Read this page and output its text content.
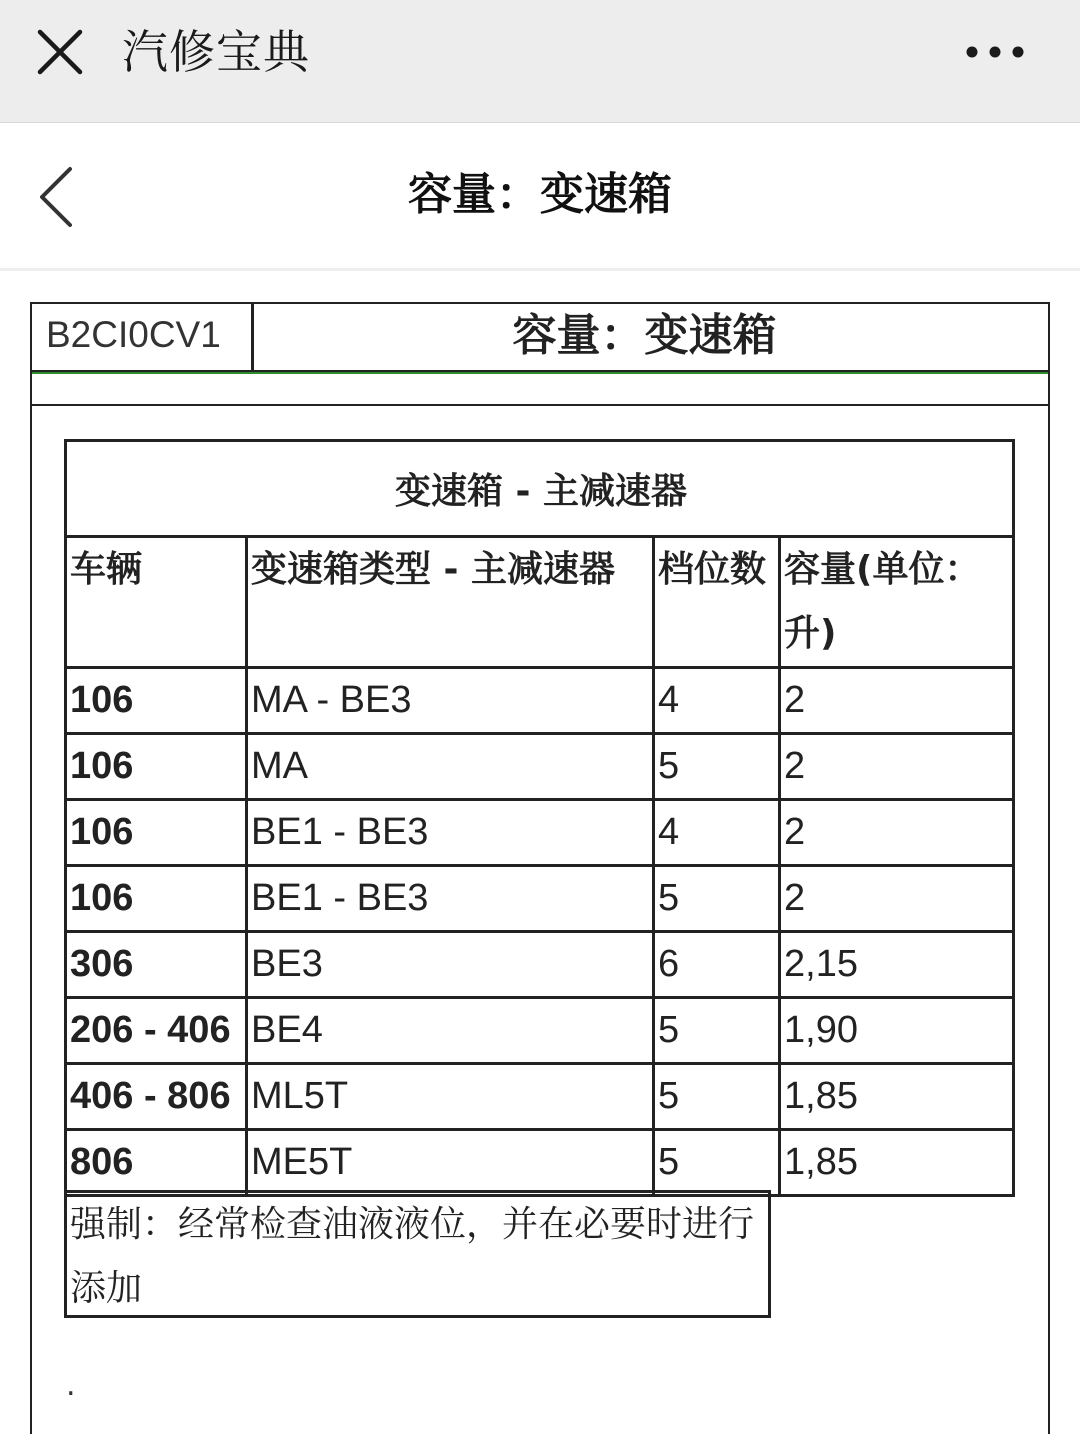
汽修宝典
容量：变速箱
B2CI0CV1	容量：变速箱
变速箱 - 主减速器			
车辆	变速箱类型 - 主减速器	档位数	容量(单位：升)
106	MA - BE3	4	2
106	MA	5	2
106	BE1 - BE3	4	2
106	BE1 - BE3	5	2
306	BE3	6	2,15
206 - 406	BE4	5	1,90
406 - 806	ML5T	5	1,85
806	ME5T	5	1,85
强制：经常检查油液液位，并在必要时进行添加
.
